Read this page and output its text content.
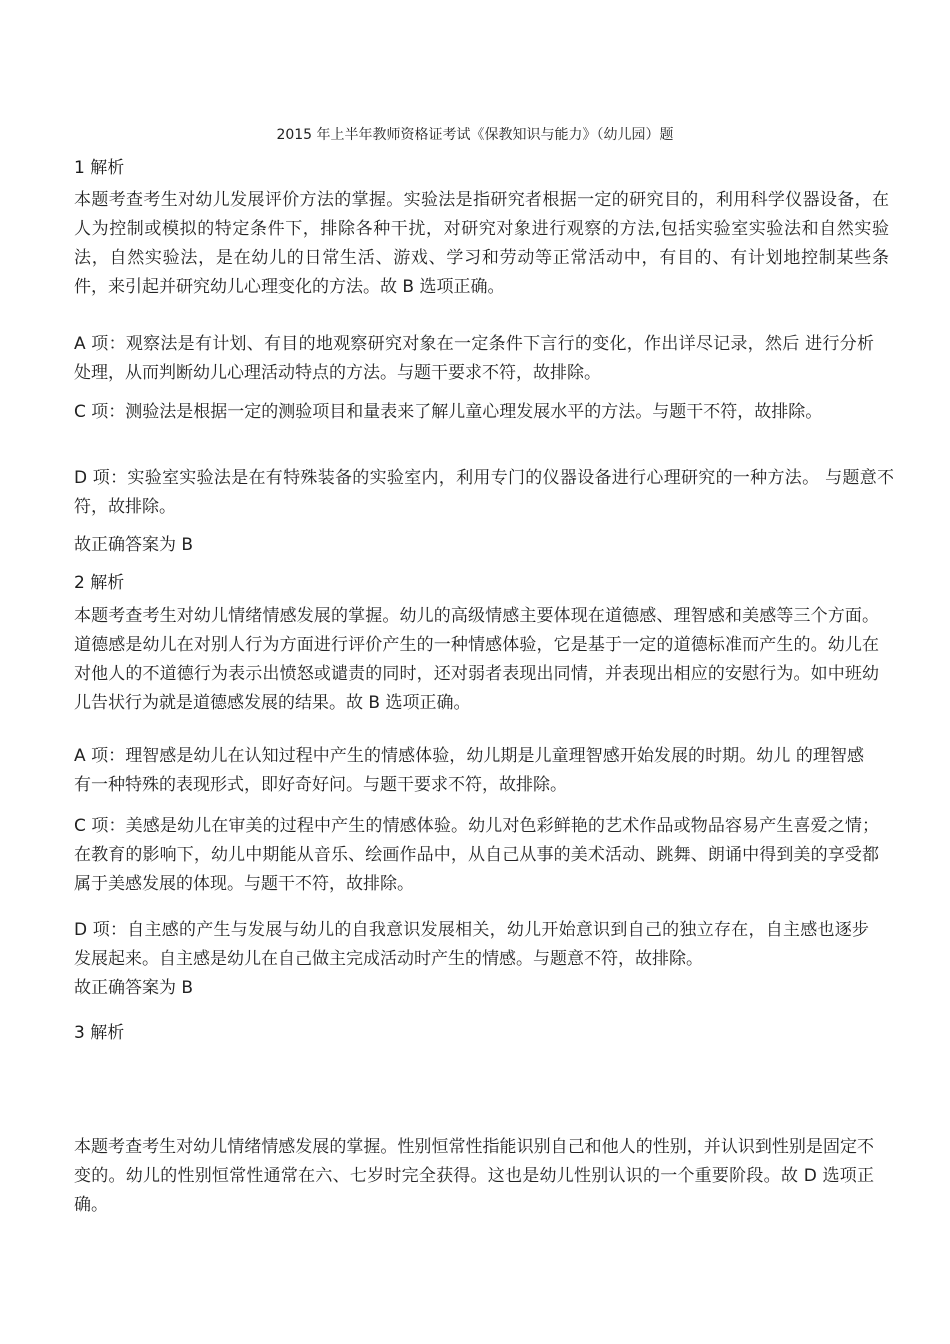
2015 年上半年教师资格证考试《保教知识与能力》（幼儿园）题
1 解析
本题考查考生对幼儿发展评价方法的掌握。实验法是指研究者根据一定的研究目的，利用科学仪器设备，在人为控制或模拟的特定条件下，排除各种干扰，对研究对象进行观察的方法,包括实验室实验法和自然实验法，自然实验法，是在幼儿的日常生活、游戏、学习和劳动等正常活动中，有目的、有计划地控制某些条件，来引起并研究幼儿心理变化的方法。故 B 选项正确。
A 项：观察法是有计划、有目的地观察研究对象在一定条件下言行的变化，作出详尽记录，然后 进行分析处理，从而判断幼儿心理活动特点的方法。与题干要求不符，故排除。
C 项：测验法是根据一定的测验项目和量表来了解儿童心理发展水平的方法。与题干不符，故排除。
D 项：实验室实验法是在有特殊装备的实验室内，利用专门的仪器设备进行心理研究的一种方法。 与题意不符，故排除。
故正确答案为 B
2 解析
本题考查考生对幼儿情绪情感发展的掌握。幼儿的高级情感主要体现在道德感、理智感和美感等三个方面。道德感是幼儿在对别人行为方面进行评价产生的一种情感体验，它是基于一定的道德标准而产生的。幼儿在对他人的不道德行为表示出愤怒或谴责的同时，还对弱者表现出同情，并表现出相应的安慰行为。如中班幼儿告状行为就是道德感发展的结果。故 B 选项正确。
A 项：理智感是幼儿在认知过程中产生的情感体验，幼儿期是儿童理智感开始发展的时期。幼儿 的理智感有一种特殊的表现形式，即好奇好问。与题干要求不符，故排除。
C 项：美感是幼儿在审美的过程中产生的情感体验。幼儿对色彩鲜艳的艺术作品或物品容易产生喜爱之情；在教育的影响下，幼儿中期能从音乐、绘画作品中，从自己从事的美术活动、跳舞、朗诵中得到美的享受都属于美感发展的体现。与题干不符，故排除。
D 项：自主感的产生与发展与幼儿的自我意识发展相关，幼儿开始意识到自己的独立存在，自主感也逐步发展起来。自主感是幼儿在自己做主完成活动时产生的情感。与题意不符，故排除。
故正确答案为 B
3 解析
本题考查考生对幼儿情绪情感发展的掌握。性别恒常性指能识别自己和他人的性别，并认识到性别是固定不变的。幼儿的性别恒常性通常在六、七岁时完全获得。这也是幼儿性别认识的一个重要阶段。故 D 选项正确。
